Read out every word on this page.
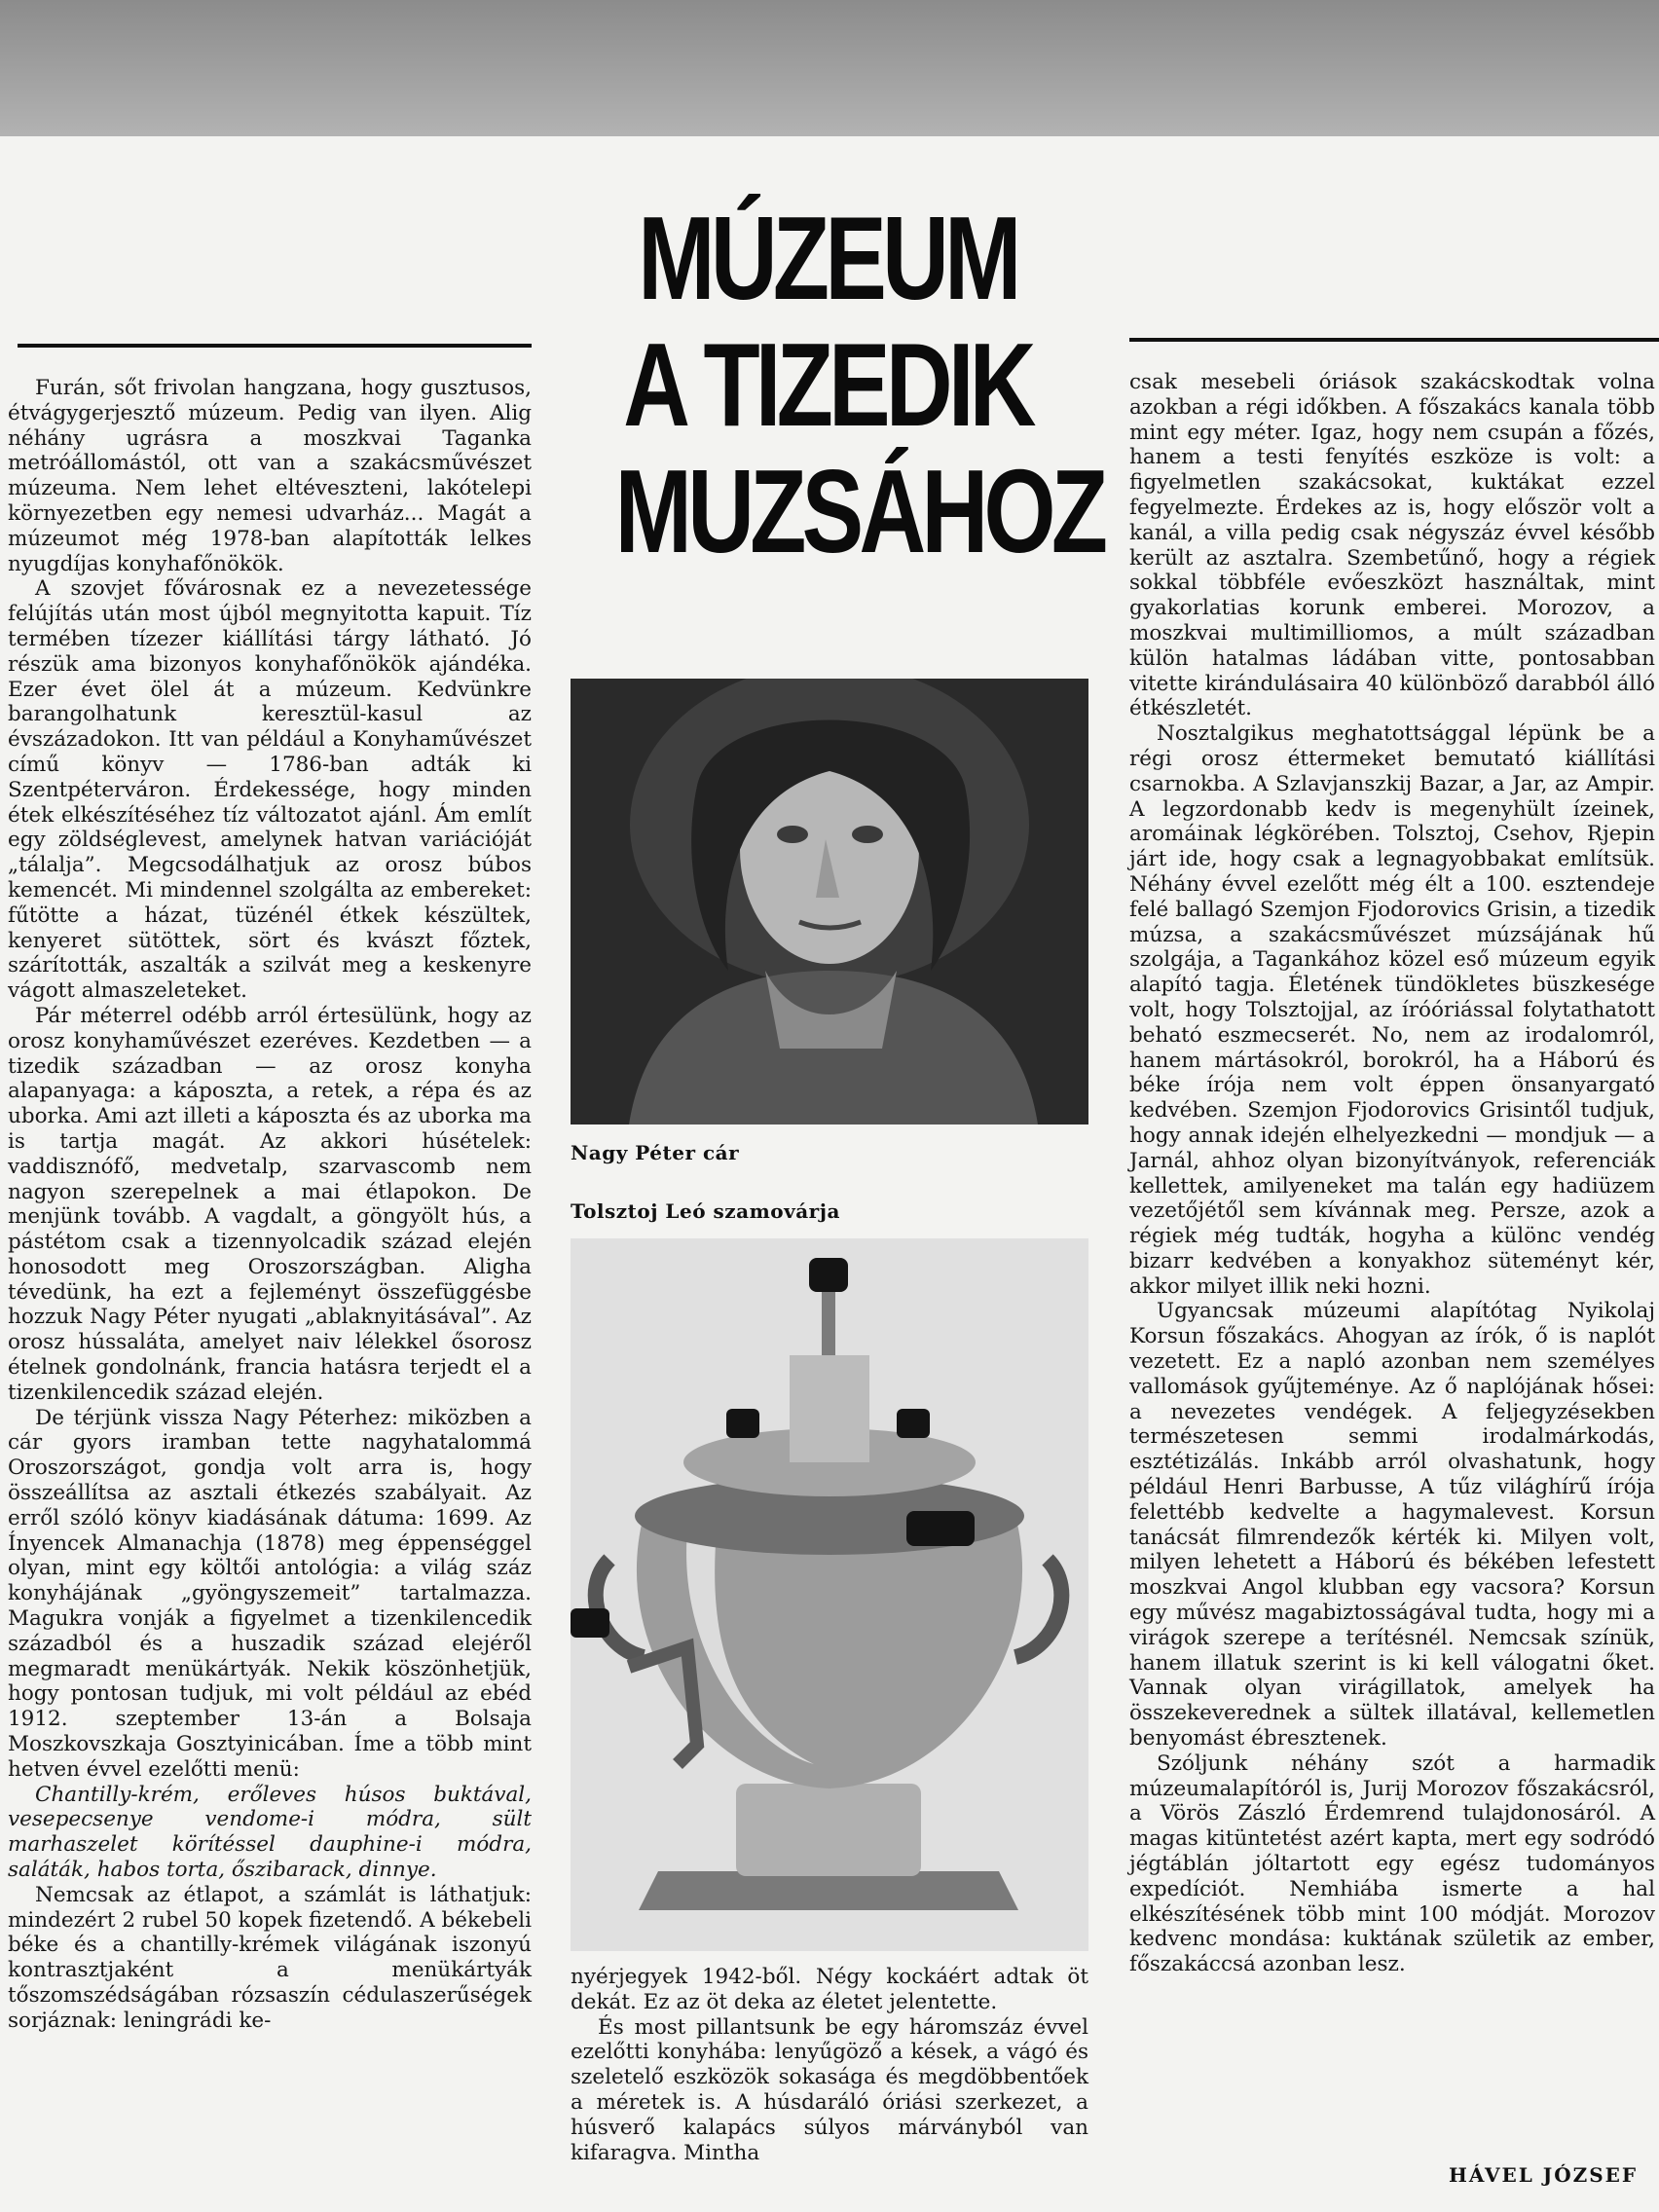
MÚZEUM
A TIZEDIK
MUZSÁHOZ

Furán, sőt frivolan hangzana, hogy gusztusos, étvágygerjesztő múzeum. Pedig van ilyen. Alig néhány ugrásra a moszkvai Taganka metróállomástól, ott van a szakácsművészet múzeuma. Nem lehet eltéveszteni, lakótelepi környezetben egy nemesi udvarház... Magát a múzeumot még 1978-ban alapították lelkes nyugdíjas konyhafőnökök.

A szovjet fővárosnak ez a nevezetessége felújítás után most újból megnyitotta kapuit. Tíz termében tízezer kiállítási tárgy látható. Jó részük ama bizonyos konyhafőnökök ajándéka. Ezer évet ölel át a múzeum. Kedvünkre barangolhatunk keresztül-kasul az évszázadokon. Itt van például a Konyhaművészet című könyv — 1786-ban adták ki Szentpéterváron. Érdekessége, hogy minden étek elkészítéséhez tíz változatot ajánl. Ám említ egy zöldséglevest, amelynek hatvan variációját „tálalja”. Megcsodálhatjuk az orosz búbos kemencét. Mi mindennel szolgálta az embereket: fűtötte a házat, tüzénél étkek készültek, kenyeret sütöttek, sört és kvászt főztek, szárították, aszalták a szilvát meg a keskenyre vágott almaszeleteket.

Pár méterrel odébb arról értesülünk, hogy az orosz konyhaművészet ezeréves. Kezdetben — a tizedik században — az orosz konyha alapanyaga: a káposzta, a retek, a répa és az uborka. Ami azt illeti a káposzta és az uborka ma is tartja magát. Az akkori húsételek: vaddisznófő, medvetalp, szarvascomb nem nagyon szerepelnek a mai étlapokon. De menjünk tovább. A vagdalt, a göngyölt hús, a pástétom csak a tizennyolcadik század elején honosodott meg Oroszországban. Aligha tévedünk, ha ezt a fejleményt összefüggésbe hozzuk Nagy Péter nyugati „ablaknyitásával”. Az orosz hússaláta, amelyet naiv lélekkel ősorosz ételnek gondolnánk, francia hatásra terjedt el a tizenkilencedik század elején.

De térjünk vissza Nagy Péterhez: miközben a cár gyors iramban tette nagyhatalommá Oroszországot, gondja volt arra is, hogy összeállítsa az asztali étkezés szabályait. Az erről szóló könyv kiadásának dátuma: 1699. Az Ínyencek Almanachja (1878) meg éppenséggel olyan, mint egy költői antológia: a világ száz konyhájának „gyöngyszemeit” tartalmazza. Magukra vonják a figyelmet a tizenkilencedik századból és a huszadik század elejéről megmaradt menükártyák. Nekik köszönhetjük, hogy pontosan tudjuk, mi volt például az ebéd 1912. szeptember 13-án a Bolsaja Moszkovszkaja Gosztyinicában. Íme a több mint hetven évvel ezelőtti menü:

Chantilly-krém, erőleves húsos buktával, vesepecsenye vendome-i módra, sült marhaszelet körítéssel dauphine-i módra, saláták, habos torta, őszibarack, dinnye.

Nemcsak az étlapot, a számlát is láthatjuk: mindezért 2 rubel 50 kopek fizetendő. A békebeli béke és a chantilly-krémek világának iszonyú kontrasztjaként a menükártyák tőszomszédságában rózsaszín cédulaszerűségek sorjáznak: leningrádi ke-

Nagy Péter cár
Tolsztoj Leó szamovárja

nyérjegyek 1942-ből. Négy kockáért adtak öt dekát. Ez az öt deka az életet jelentette.

És most pillantsunk be egy háromszáz évvel ezelőtti konyhába: lenyűgöző a kések, a vágó és szeletelő eszközök sokasága és megdöbbentőek a méretek is. A húsdaráló óriási szerkezet, a húsverő kalapács súlyos márványból van kifaragva. Mintha

csak mesebeli óriások szakácskodtak volna azokban a régi időkben. A főszakács kanala több mint egy méter. Igaz, hogy nem csupán a főzés, hanem a testi fenyítés eszköze is volt: a figyelmetlen szakácsokat, kuktákat ezzel fegyelmezte. Érdekes az is, hogy először volt a kanál, a villa pedig csak négyszáz évvel később került az asztalra. Szembetűnő, hogy a régiek sokkal többféle evőeszközt használtak, mint gyakorlatias korunk emberei. Morozov, a moszkvai multimilliomos, a múlt században külön hatalmas ládában vitte, pontosabban vitette kirándulásaira 40 különböző darabból álló étkészletét.

Nosztalgikus meghatottsággal lépünk be a régi orosz éttermeket bemutató kiállítási csarnokba. A Szlavjanszkij Bazar, a Jar, az Ampir. A legzordonabb kedv is megenyhült ízeinek, aromáinak légkörében. Tolsztoj, Csehov, Rjepin járt ide, hogy csak a legnagyobbakat említsük. Néhány évvel ezelőtt még élt a 100. esztendeje felé ballagó Szemjon Fjodorovics Grisin, a tizedik múzsa, a szakácsművészet múzsájának hű szolgája, a Tagankához közel eső múzeum egyik alapító tagja. Életének tündökletes büszkesége volt, hogy Tolsztojjal, az íróóriással folytathatott beható eszmecserét. No, nem az irodalomról, hanem mártásokról, borokról, ha a Háború és béke írója nem volt éppen önsanyargató kedvében. Szemjon Fjodorovics Grisintől tudjuk, hogy annak idején elhelyezkedni — mondjuk — a Jarnál, ahhoz olyan bizonyítványok, referenciák kellettek, amilyeneket ma talán egy hadiüzem vezetőjétől sem kívánnak meg. Persze, azok a régiek még tudták, hogyha a különc vendég bizarr kedvében a konyakhoz süteményt kér, akkor milyet illik neki hozni.

Ugyancsak múzeumi alapítótag Nyikolaj Korsun főszakács. Ahogyan az írók, ő is naplót vezetett. Ez a napló azonban nem személyes vallomások gyűjteménye. Az ő naplójának hősei: a nevezetes vendégek. A feljegyzésekben természetesen semmi irodalmárkodás, esztétizálás. Inkább arról olvashatunk, hogy például Henri Barbusse, A tűz világhírű írója felettébb kedvelte a hagymalevest. Korsun tanácsát filmrendezők kérték ki. Milyen volt, milyen lehetett a Háború és békében lefestett moszkvai Angol klubban egy vacsora? Korsun egy művész magabiztosságával tudta, hogy mi a virágok szerepe a terítésnél. Nemcsak színük, hanem illatuk szerint is ki kell válogatni őket. Vannak olyan virágillatok, amelyek ha összekeverednek a sültek illatával, kellemetlen benyomást ébresztenek.

Szóljunk néhány szót a harmadik múzeumalapítóról is, Jurij Morozov főszakácsról, a Vörös Zászló Érdemrend tulajdonosáról. A magas kitüntetést azért kapta, mert egy sodródó jégtáblán jóltartott egy egész tudományos expedíciót. Nemhiába ismerte a hal elkészítésének több mint 100 módját. Morozov kedvenc mondása: kuktának születik az ember, főszakáccsá azonban lesz.

HÁVEL JÓZSEF
